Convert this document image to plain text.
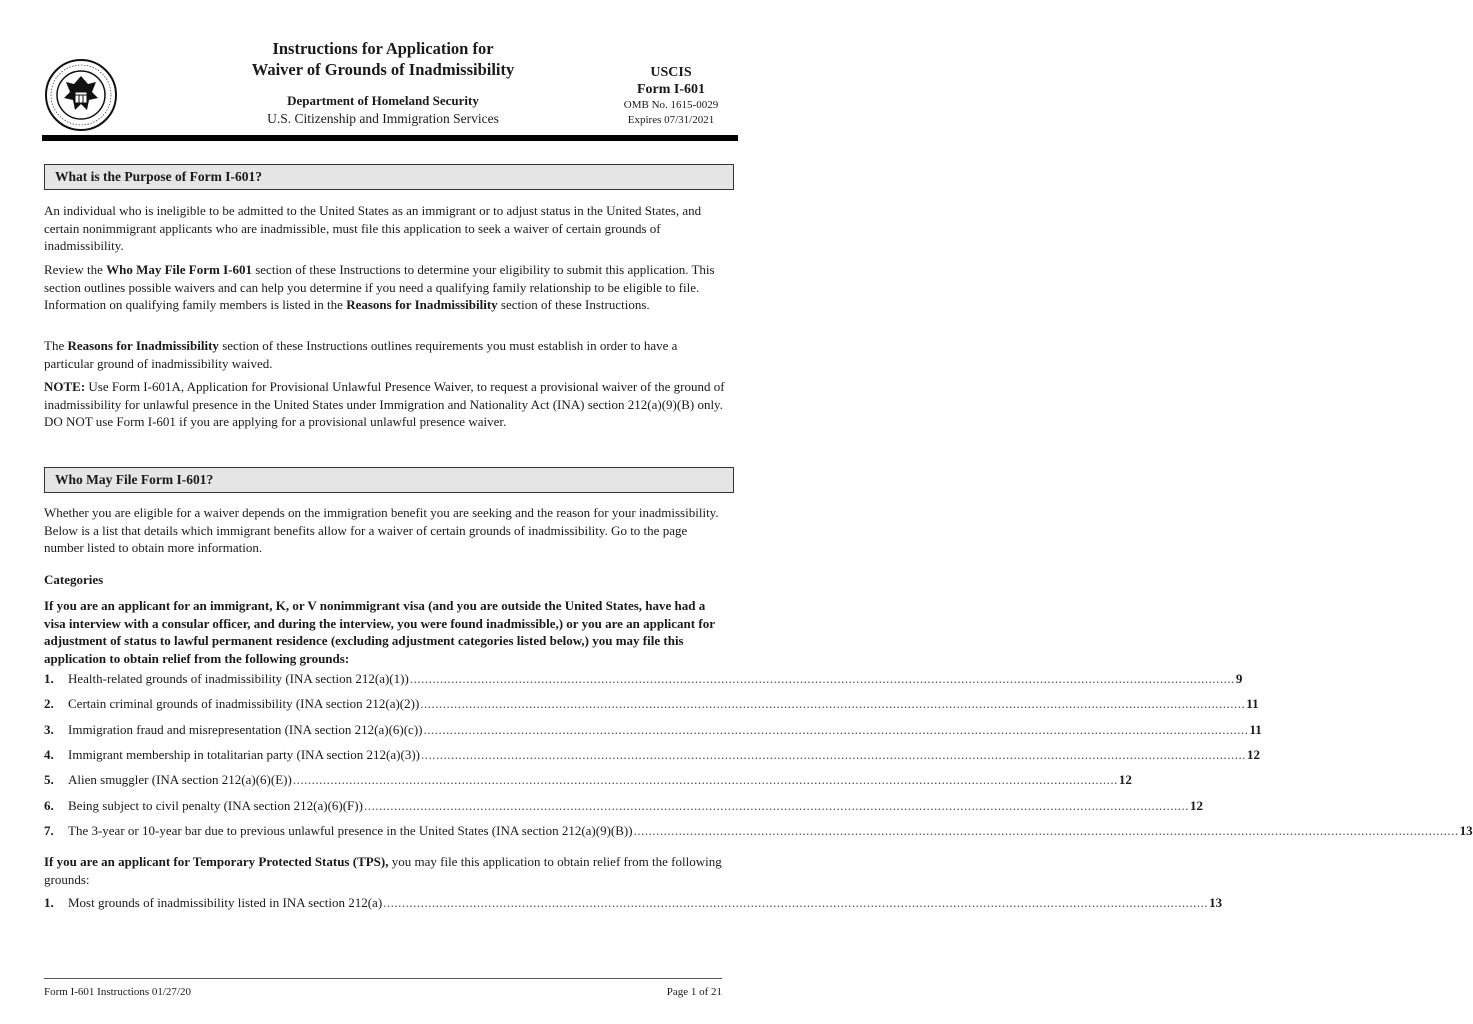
Instructions for Application for
Waiver of Grounds of Inadmissibility
Department of Homeland Security
U.S. Citizenship and Immigration Services
USCIS
Form I-601
OMB No. 1615-0029
Expires 07/31/2021
What is the Purpose of Form I-601?
An individual who is ineligible to be admitted to the United States as an immigrant or to adjust status in the United States, and certain nonimmigrant applicants who are inadmissible, must file this application to seek a waiver of certain grounds of inadmissibility.
Review the Who May File Form I-601 section of these Instructions to determine your eligibility to submit this application. This section outlines possible waivers and can help you determine if you need a qualifying family relationship to be eligible to file. Information on qualifying family members is listed in the Reasons for Inadmissibility section of these Instructions.
The Reasons for Inadmissibility section of these Instructions outlines requirements you must establish in order to have a particular ground of inadmissibility waived.
NOTE: Use Form I-601A, Application for Provisional Unlawful Presence Waiver, to request a provisional waiver of the ground of inadmissibility for unlawful presence in the United States under Immigration and Nationality Act (INA) section 212(a)(9)(B) only. DO NOT use Form I-601 if you are applying for a provisional unlawful presence waiver.
Who May File Form I-601?
Whether you are eligible for a waiver depends on the immigration benefit you are seeking and the reason for your inadmissibility. Below is a list that details which immigrant benefits allow for a waiver of certain grounds of inadmissibility. Go to the page number listed to obtain more information.
Categories
If you are an applicant for an immigrant, K, or V nonimmigrant visa (and you are outside the United States, have had a visa interview with a consular officer, and during the interview, you were found inadmissible,) or you are an applicant for adjustment of status to lawful permanent residence (excluding adjustment categories listed below,) you may file this application to obtain relief from the following grounds:
1.	Health-related grounds of inadmissibility (INA section 212(a)(1)) ............................................................................................................................................................................................................................ 9
2.	Certain criminal grounds of inadmissibility (INA section 212(a)(2)) ............................................................................................................................................................................................................................ 11
3.	Immigration fraud and misrepresentation (INA section 212(a)(6)(c)) ............................................................................................................................................................................................................................ 11
4.	Immigrant membership in totalitarian party (INA section 212(a)(3)) ............................................................................................................................................................................................................................ 12
5.	Alien smuggler (INA section 212(a)(6)(E)) ............................................................................................................................................................................................................................ 12
6.	Being subject to civil penalty (INA section 212(a)(6)(F)) ............................................................................................................................................................................................................................ 12
7.	The 3-year or 10-year bar due to previous unlawful presence in the United States (INA section 212(a)(9)(B)) ............................................................................................................................................................................................................................ 13
If you are an applicant for Temporary Protected Status (TPS), you may file this application to obtain relief from the following grounds:
1.	Most grounds of inadmissibility listed in INA section 212(a) ............................................................................................................................................................................................................................ 13
Form I-601 Instructions 01/27/20	Page 1 of 21
